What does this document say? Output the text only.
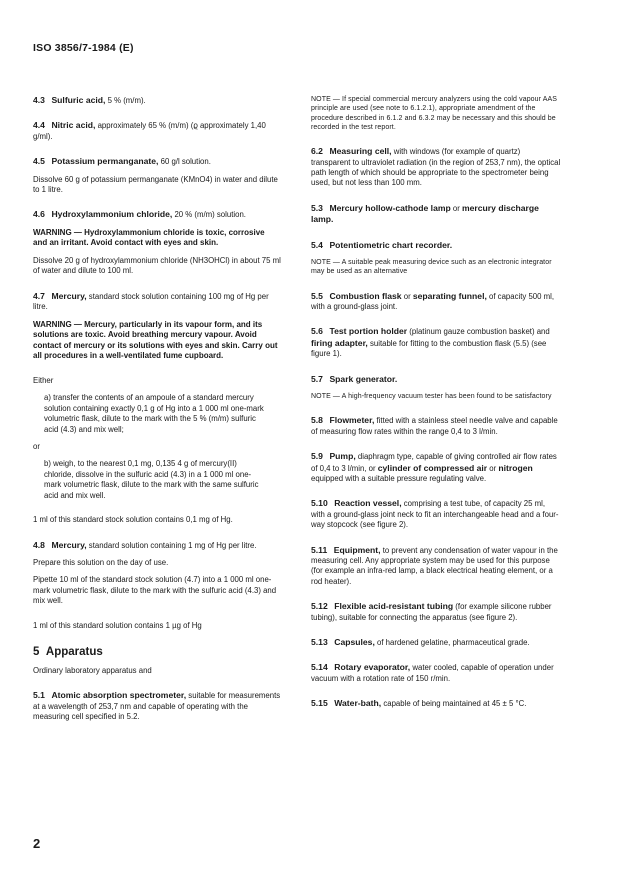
ISO 3856/7-1984 (E)

4.3 Sulfuric acid, 5 % (m/m).

4.4 Nitric acid, approximately 65 % (m/m) (ϱ approximately 1,40 g/ml).

4.5 Potassium permanganate, 60 g/l solution.

Dissolve 60 g of potassium permanganate (KMnO4) in water and dilute to 1 litre.

4.6 Hydroxylammonium chloride, 20 % (m/m) solution.

WARNING — Hydroxylammonium chloride is toxic, corrosive and an irritant. Avoid contact with eyes and skin.

Dissolve 20 g of hydroxylammonium chloride (NH3OHCl) in about 75 ml of water and dilute to 100 ml.

4.7 Mercury, standard stock solution containing 100 mg of Hg per litre.

WARNING — Mercury, particularly in its vapour form, and its solutions are toxic. Avoid breathing mercury vapour. Avoid contact of mercury or its solutions with eyes and skin. Carry out all procedures in a well-ventilated fume cupboard.

Either

a) transfer the contents of an ampoule of a standard mercury solution containing exactly 0,1 g of Hg into a 1 000 ml one-mark volumetric flask, dilute to the mark with the 5 % (m/m) sulfuric acid (4.3) and mix well;

or

b) weigh, to the nearest 0,1 mg, 0,135 4 g of mercury(II) chloride, dissolve in the sulfuric acid (4.3) in a 1 000 ml one-mark volumetric flask, dilute to the mark with the same sulfuric acid and mix well.

1 ml of this standard stock solution contains 0,1 mg of Hg.

4.8 Mercury, standard solution containing 1 mg of Hg per litre.

Prepare this solution on the day of use.

Pipette 10 ml of the standard stock solution (4.7) into a 1 000 ml one-mark volumetric flask, dilute to the mark with the sulfuric acid (4.3) and mix well.

1 ml of this standard solution contains 1 µg of Hg

5 Apparatus

Ordinary laboratory apparatus and

5.1 Atomic absorption spectrometer, suitable for measurements at a wavelength of 253,7 nm and capable of operating with the measuring cell specified in 5.2.

NOTE — If special commercial mercury analyzers using the cold vapour AAS principle are used (see note to 6.1.2.1), appropriate amendment of the procedure described in 6.1.2 and 6.3.2 may be necessary and this should be recorded in the test report.

6.2 Measuring cell, with windows (for example of quartz) transparent to ultraviolet radiation (in the region of 253,7 nm), the optical path length of which should be appropriate to the spectrometer being used, but not less than 100 mm.

5.3 Mercury hollow-cathode lamp or mercury discharge lamp.

5.4 Potentiometric chart recorder.

NOTE — A suitable peak measuring device such as an electronic integrator may be used as an alternative

5.5 Combustion flask or separating funnel, of capacity 500 ml, with a ground-glass joint.

5.6 Test portion holder (platinum gauze combustion basket) and firing adapter, suitable for fitting to the combustion flask (5.5) (see figure 1).

5.7 Spark generator.

NOTE — A high-frequency vacuum tester has been found to be satisfactory

5.8 Flowmeter, fitted with a stainless steel needle valve and capable of measuring flow rates within the range 0,4 to 3 l/min.

5.9 Pump, diaphragm type, capable of giving controlled air flow rates of 0,4 to 3 l/min, or cylinder of compressed air or nitrogen equipped with a suitable pressure regulating valve.

5.10 Reaction vessel, comprising a test tube, of capacity 25 ml, with a ground-glass joint neck to fit an interchangeable head and a four-way stopcock (see figure 2).

5.11 Equipment, to prevent any condensation of water vapour in the measuring cell. Any appropriate system may be used for this purpose (for example an infra-red lamp, a black electrical heating element, or a rod heater).

5.12 Flexible acid-resistant tubing (for example silicone rubber tubing), suitable for connecting the apparatus (see figure 2).

5.13 Capsules, of hardened gelatine, pharmaceutical grade.

5.14 Rotary evaporator, water cooled, capable of operation under vacuum with a rotation rate of 150 r/min.

5.15 Water-bath, capable of being maintained at 45 ± 5 °C.

2
